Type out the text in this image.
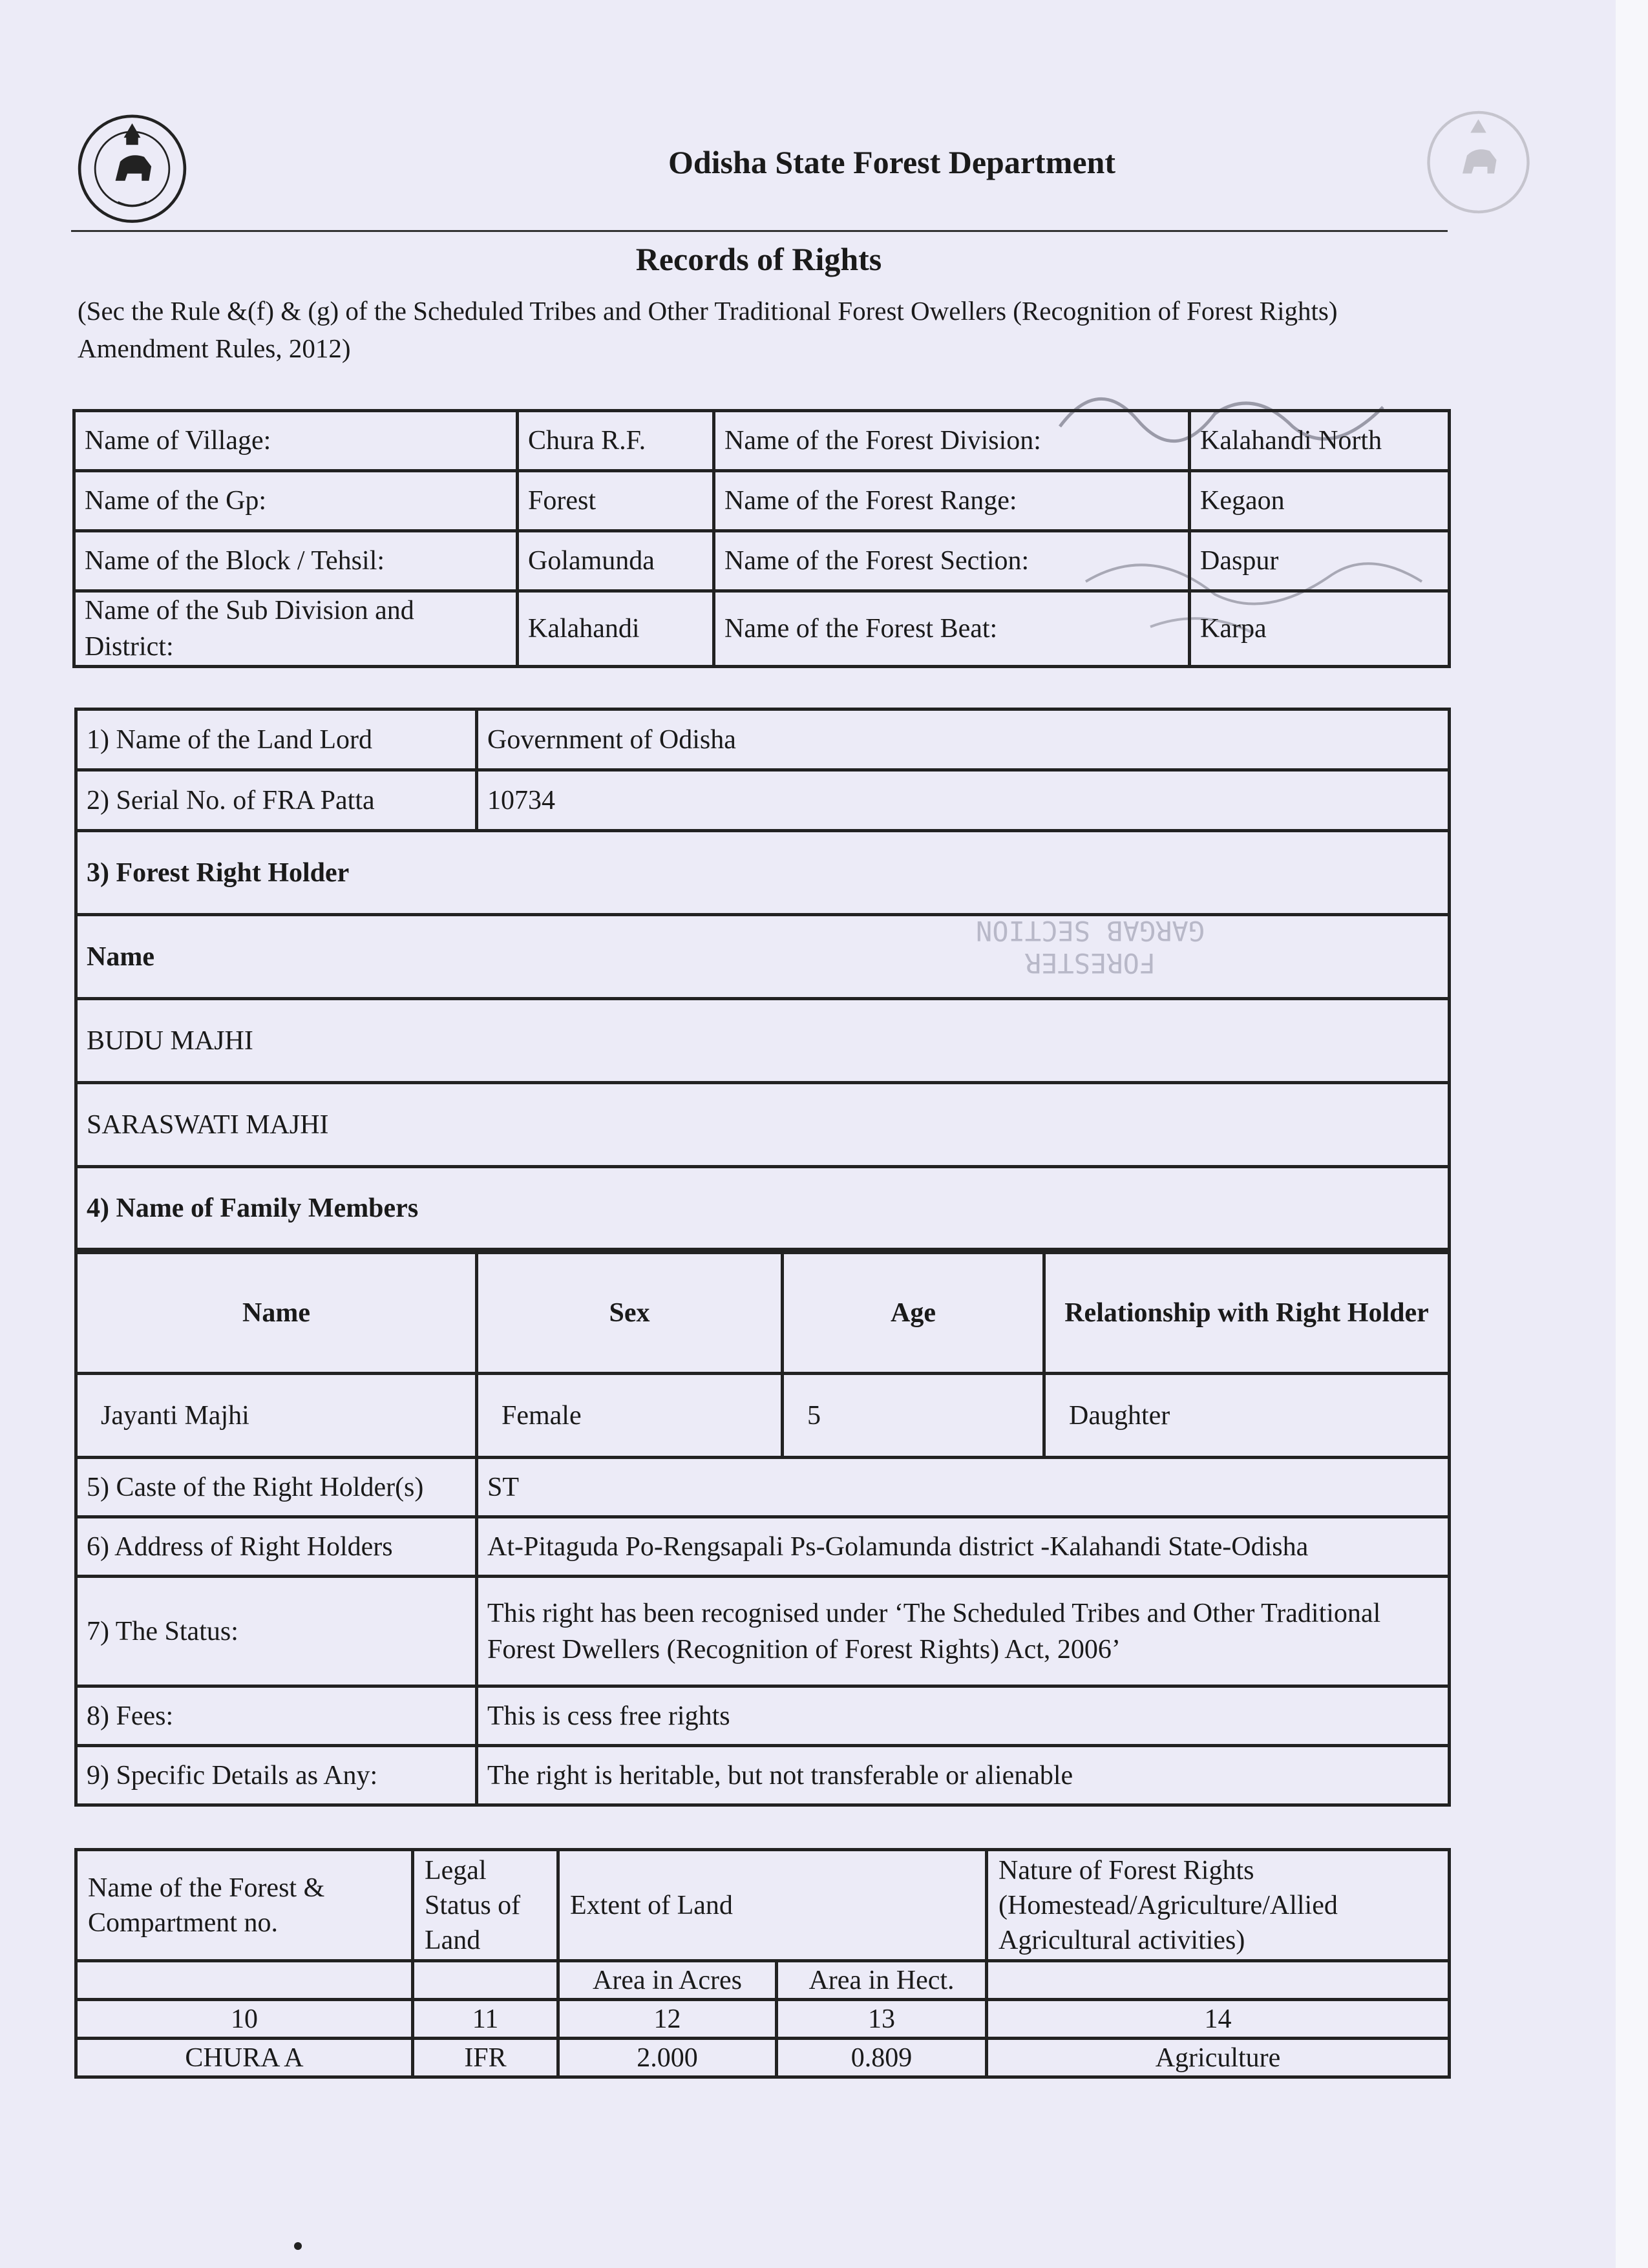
Odisha State Forest Department
Records of Rights
(Sec the Rule &(f) & (g) of the Scheduled Tribes and Other Traditional Forest Owellers (Recognition of Forest Rights) Amendment Rules, 2012)
Name of Village:	Chura R.F.	Name of the Forest Division:	Kalahandi North
Name of the Gp:	Forest	Name of the Forest Range:	Kegaon
Name of the Block / Tehsil:	Golamunda	Name of the Forest Section:	Daspur
Name of the Sub Division and District:	Kalahandi	Name of the Forest Beat:	Karpa
1) Name of the Land Lord	Government of Odisha
2) Serial No. of FRA Patta	10734
3) Forest Right Holder	
Name	
BUDU MAJHI	
SARASWATI MAJHI	
4) Name of Family Members	
FORESTER
GARGAB SECTION
Name	Sex	Age	Relationship with Right Holder
Jayanti Majhi	Female	5	Daughter
5) Caste of the Right Holder(s)	ST
6) Address of Right Holders	At-Pitaguda Po-Rengsapali Ps-Golamunda district -Kalahandi State-Odisha
7) The Status:	This right has been recognised under ‘The Scheduled Tribes and Other Traditional
Forest Dwellers (Recognition of Forest Rights) Act, 2006’

8) Fees:	This is cess free rights
9) Specific Details as Any:	The right is heritable, but not transferable or alienable
Name of the Forest & Compartment no.	Legal Status of Land	Extent of Land		Nature of Forest Rights (Homestead/Agriculture/Allied Agricultural activities)
		Area in Acres	Area in Hect.	
10	11	12	13	14
CHURA A	IFR	2.000	0.809	Agriculture
